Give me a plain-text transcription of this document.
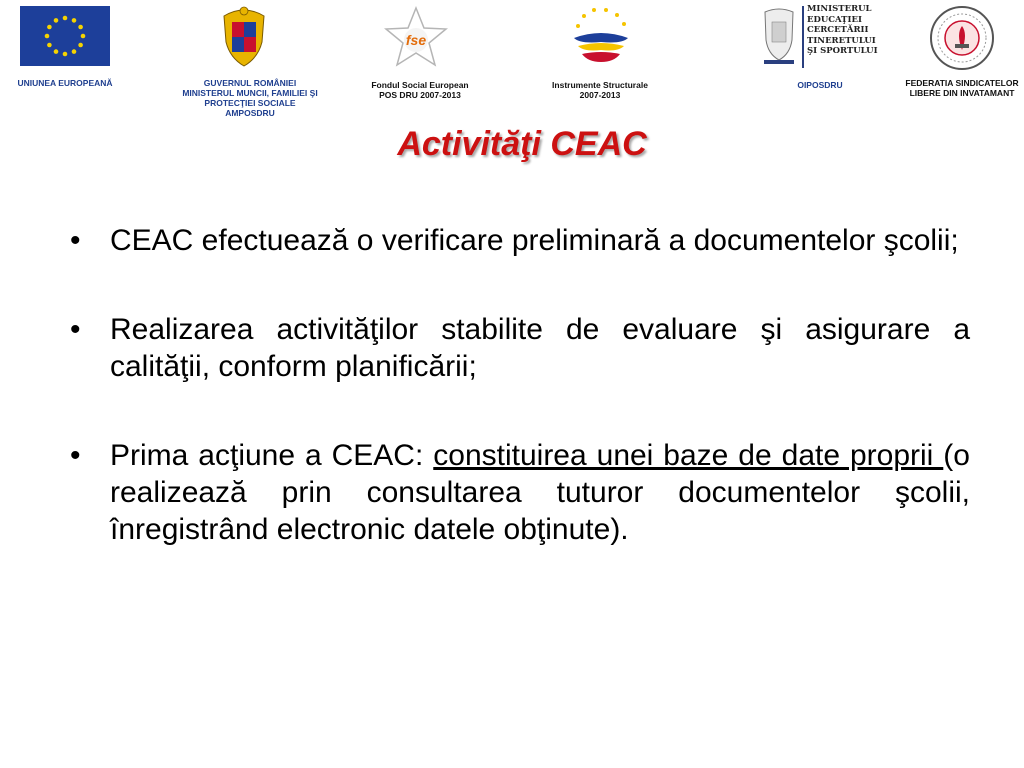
UNIUNEA EUROPEANĂ	GUVERNUL ROMÂNIEI
MINISTERUL MUNCII, FAMILIEI ŞI
PROTECŢIEI SOCIALE
AMPOSDRU
fse
Fondul Social European
POS DRU 2007-2013
Instrumente Structurale
2007-2013
MINISTERUL
EDUCAŢIEI
CERCETĂRII
TINERETULUI
ŞI SPORTULUI
OIPOSDRU	FEDERATIA SINDICATELOR
LIBERE DIN INVATAMANT
Activităţi CEAC
• CEAC efectuează o verificare preliminară a documentelor şcolii;
• Realizarea activităţilor stabilite de evaluare şi asigurare a calităţii, conform planificării;
• Prima acţiune a CEAC: constituirea unei baze de date proprii (o realizează prin consultarea tuturor documentelor şcolii, înregistrând electronic datele obţinute).
